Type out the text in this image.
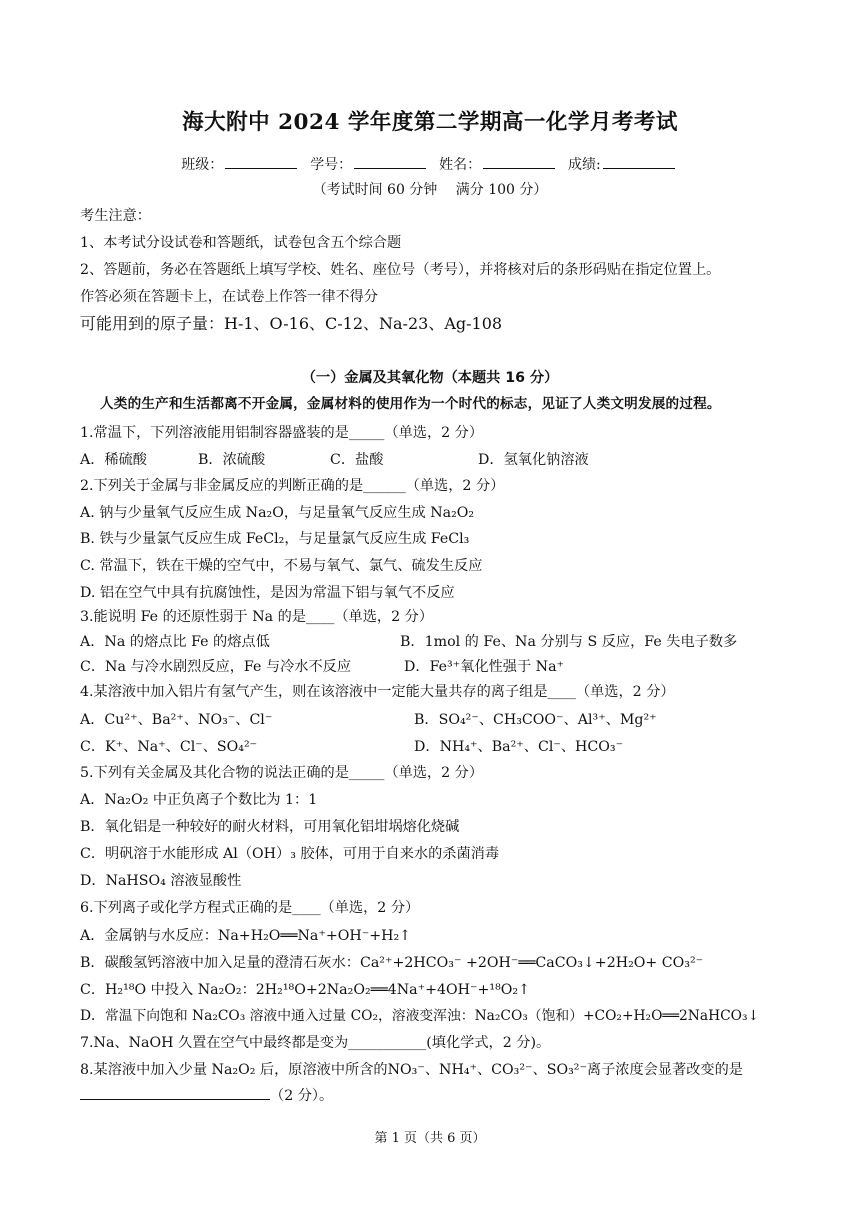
海大附中 2024 学年度第二学期高一化学月考考试
班级：	学号：	姓名：	成绩:
（考试时间 60 分钟　 满分 100 分）
考生注意：
1、本考试分设试卷和答题纸，试卷包含五个综合题
2、答题前，务必在答题纸上填写学校、姓名、座位号（考号），并将核对后的条形码贴在指定位置上。
作答必须在答题卡上，在试卷上作答一律不得分
可能用到的原子量：H-1、O-16、C-12、Na-23、Ag-108
（一）金属及其氧化物（本题共 16 分）
人类的生产和生活都离不开金属，金属材料的使用作为一个时代的标志，见证了人类文明发展的过程。
1.常温下，下列溶液能用铝制容器盛装的是_____（单选，2 分）
A．稀硫酸	B．浓硫酸	C．盐酸	D．氢氧化钠溶液
2.下列关于金属与非金属反应的判断正确的是______（单选，2 分）
A. 钠与少量氧气反应生成 Na₂O，与足量氧气反应生成 Na₂O₂
B. 铁与少量氯气反应生成 FeCl₂，与足量氯气反应生成 FeCl₃
C. 常温下，铁在干燥的空气中，不易与氧气、氯气、硫发生反应
D. 铝在空气中具有抗腐蚀性，是因为常温下铝与氧气不反应
3.能说明 Fe 的还原性弱于 Na 的是____（单选，2 分）
A．Na 的熔点比 Fe 的熔点低	B．1mol 的 Fe、Na 分别与 S 反应，Fe 失电子数多
C．Na 与冷水剧烈反应，Fe 与冷水不反应	D．Fe³⁺氧化性强于 Na⁺
4.某溶液中加入铝片有氢气产生，则在该溶液中一定能大量共存的离子组是____（单选，2 分）
A．Cu²⁺、Ba²⁺、NO₃⁻、Cl⁻	B．SO₄²⁻、CH₃COO⁻、Al³⁺、Mg²⁺
C．K⁺、Na⁺、Cl⁻、SO₄²⁻	D．NH₄⁺、Ba²⁺、Cl⁻、HCO₃⁻
5.下列有关金属及其化合物的说法正确的是_____（单选，2 分）
A．Na₂O₂ 中正负离子个数比为 1：1
B．氧化铝是一种较好的耐火材料，可用氧化铝坩埚熔化烧碱
C．明矾溶于水能形成 Al（OH）₃ 胶体，可用于自来水的杀菌消毒
D．NaHSO₄ 溶液显酸性
6.下列离子或化学方程式正确的是____（单选，2 分）
A．金属钠与水反应：Na+H₂O══Na⁺+OH⁻+H₂↑
B．碳酸氢钙溶液中加入足量的澄清石灰水：Ca²⁺+2HCO₃⁻ +2OH⁻══CaCO₃↓+2H₂O+ CO₃²⁻
C．H₂¹⁸O 中投入 Na₂O₂：2H₂¹⁸O+2Na₂O₂══4Na⁺+4OH⁻+¹⁸O₂↑
D．常温下向饱和 Na₂CO₃ 溶液中通入过量 CO₂，溶液变浑浊：Na₂CO₃（饱和）+CO₂+H₂O══2NaHCO₃↓
7.Na、NaOH 久置在空气中最终都是变为___________(填化学式，2 分)。
8.某溶液中加入少量 Na₂O₂ 后，原溶液中所含的NO₃⁻、NH₄⁺、CO₃²⁻、SO₃²⁻离子浓度会显著改变的是
（2 分）。
第 1 页（共 6 页）
